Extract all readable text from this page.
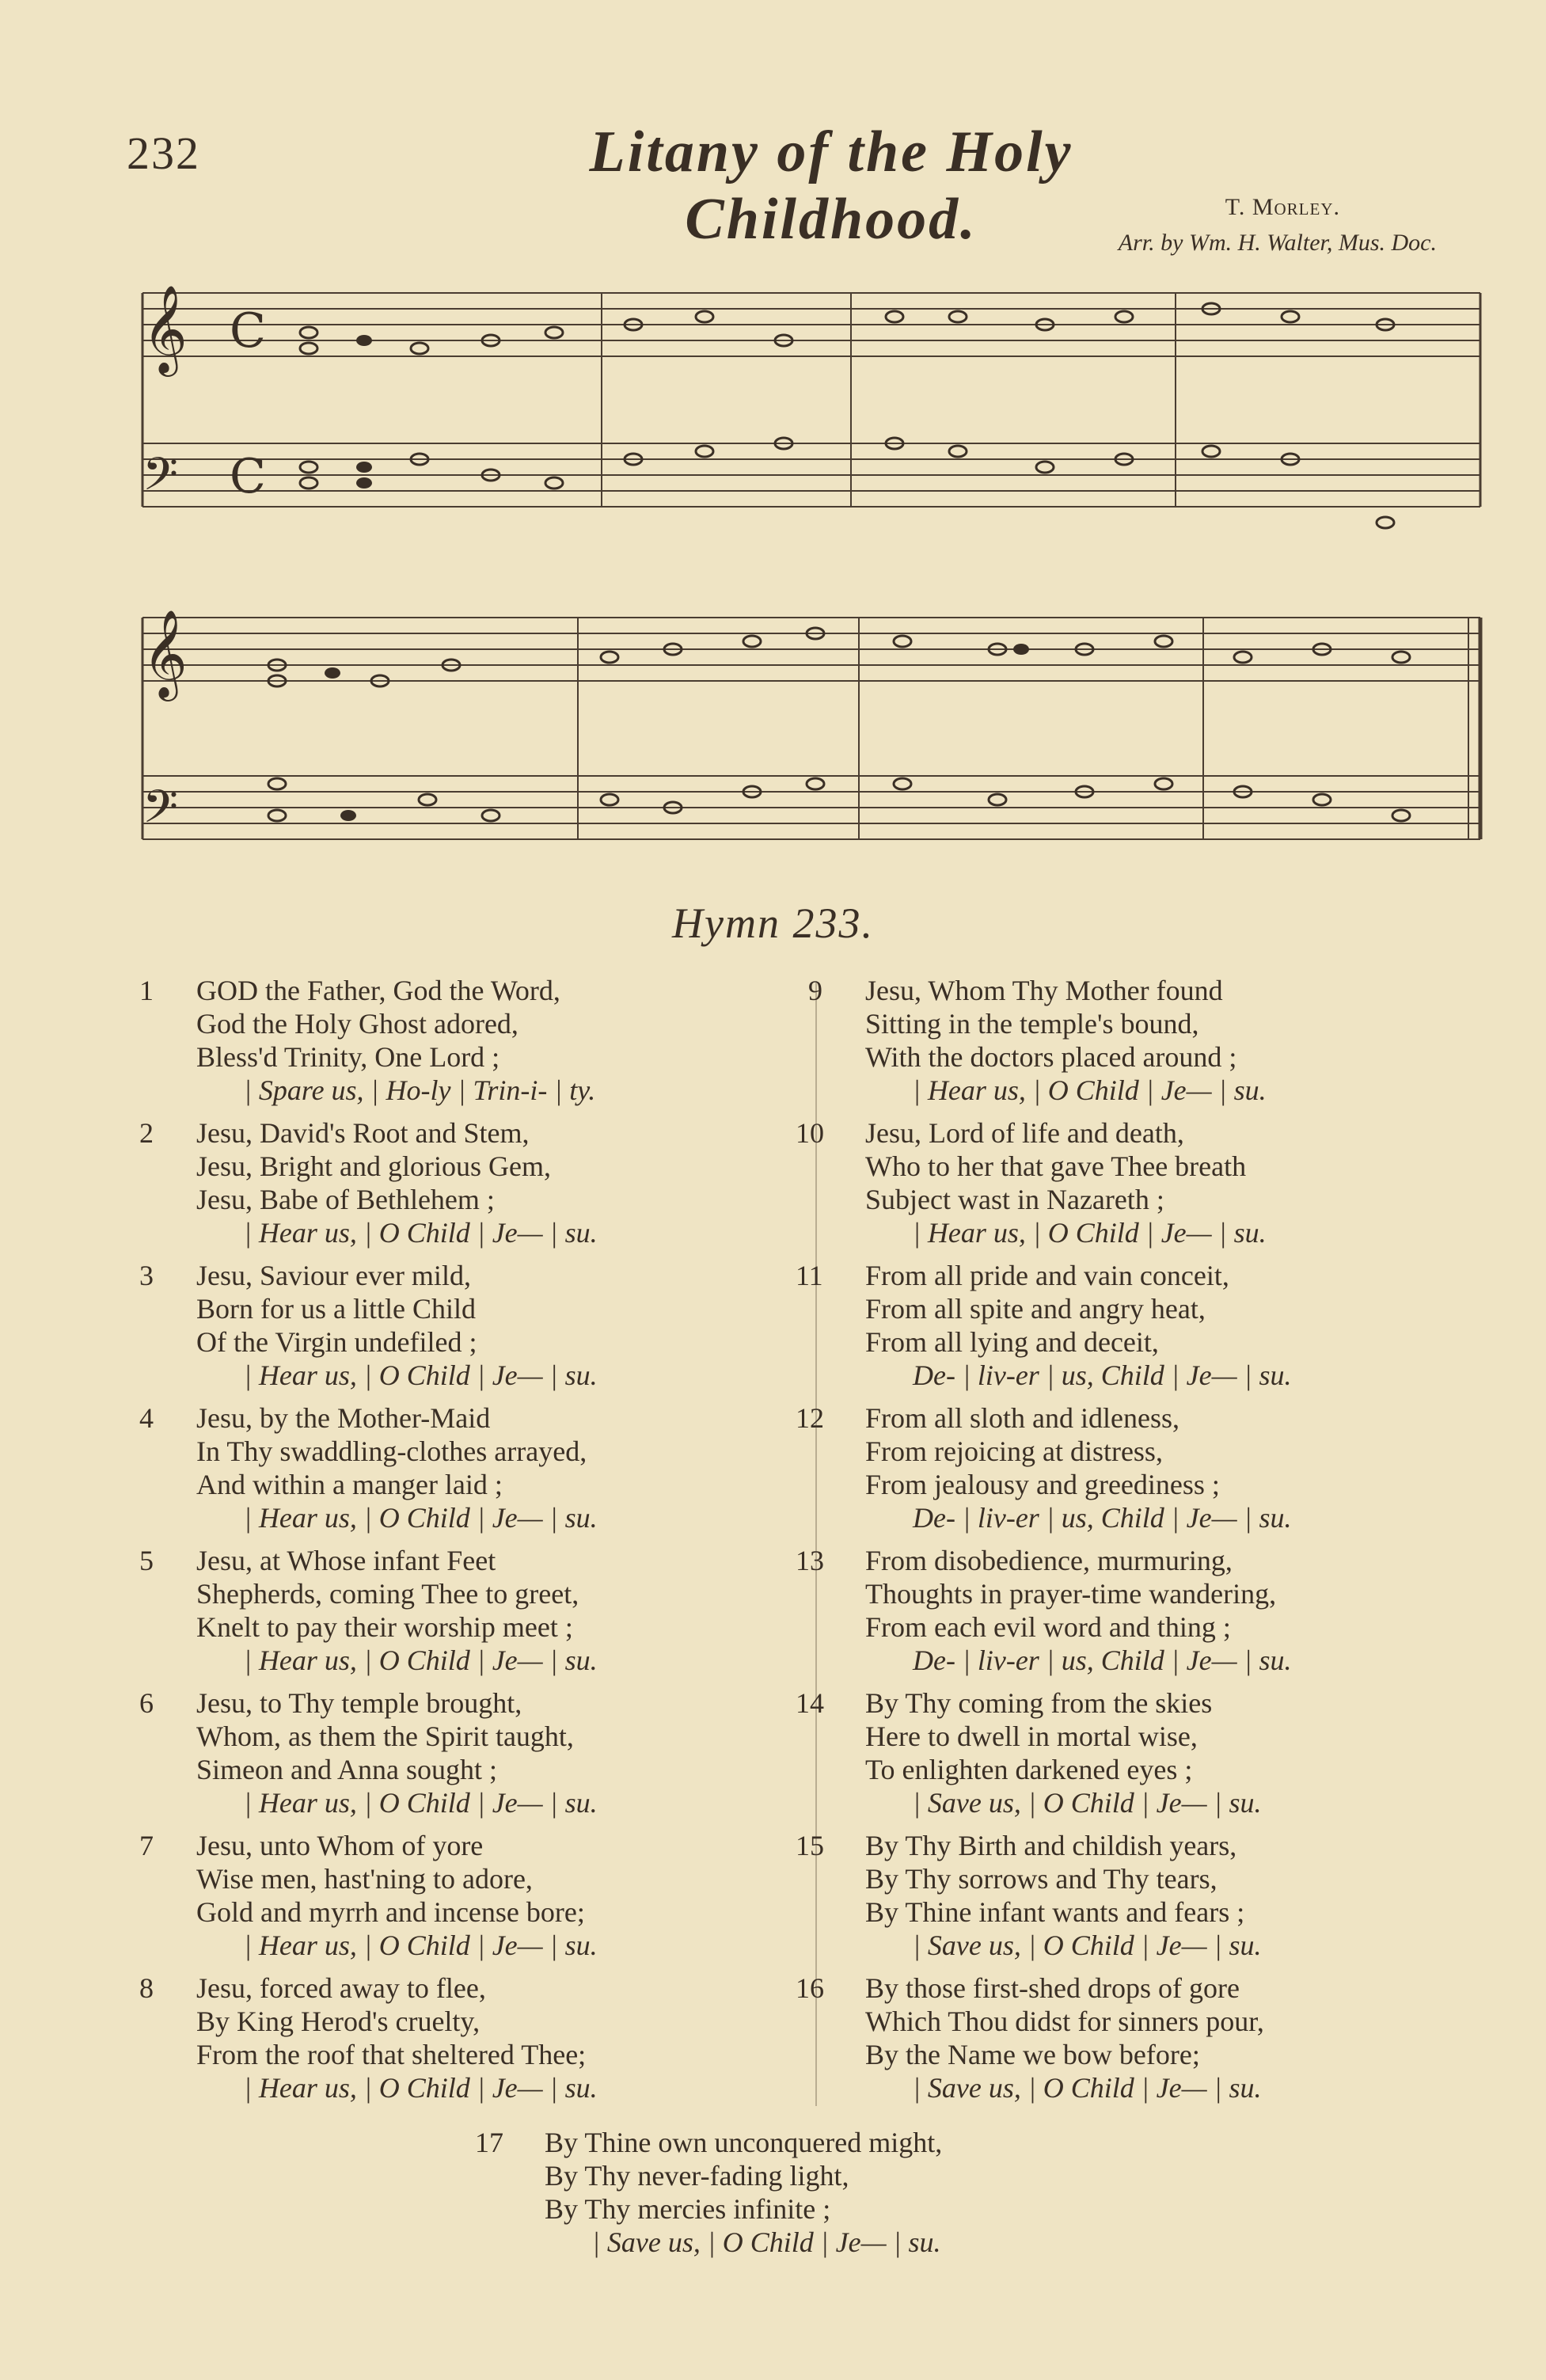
232	Litany of the Holy Childhood.	T. Morley.
Arr. by Wm. H. Walter, Mus. Doc.
𝄞
𝄢
C
C
𝄞
𝄢
Hymn 233.
1	GOD the Father, God the Word,
God the Holy Ghost adored,
Bless'd Trinity, One Lord ;
| Spare us, | Ho-ly | Trin-i- | ty.
2	Jesu, David's Root and Stem,
Jesu, Bright and glorious Gem,
Jesu, Babe of Bethlehem ;
| Hear us, | O Child | Je— | su.
3	Jesu, Saviour ever mild,
Born for us a little Child
Of the Virgin undefiled ;
| Hear us, | O Child | Je— | su.
4	Jesu, by the Mother-Maid
In Thy swaddling-clothes arrayed,
And within a manger laid ;
| Hear us, | O Child | Je— | su.
5	Jesu, at Whose infant Feet
Shepherds, coming Thee to greet,
Knelt to pay their worship meet ;
| Hear us, | O Child | Je— | su.
6	Jesu, to Thy temple brought,
Whom, as them the Spirit taught,
Simeon and Anna sought ;
| Hear us, | O Child | Je— | su.
7	Jesu, unto Whom of yore
Wise men, hast'ning to adore,
Gold and myrrh and incense bore;
| Hear us, | O Child | Je— | su.
8	Jesu, forced away to flee,
By King Herod's cruelty,
From the roof that sheltered Thee;
| Hear us, | O Child | Je— | su.
9	Jesu, Whom Thy Mother found
Sitting in the temple's bound,
With the doctors placed around ;
| Hear us, | O Child | Je— | su.
10	Jesu, Lord of life and death,
Who to her that gave Thee breath
Subject wast in Nazareth ;
| Hear us, | O Child | Je— | su.
11	From all pride and vain conceit,
From all spite and angry heat,
From all lying and deceit,
De- | liv-er | us, Child | Je— | su.
12	From all sloth and idleness,
From rejoicing at distress,
From jealousy and greediness ;
De- | liv-er | us, Child | Je— | su.
13	From disobedience, murmuring,
Thoughts in prayer-time wandering,
From each evil word and thing ;
De- | liv-er | us, Child | Je— | su.
14	By Thy coming from the skies
Here to dwell in mortal wise,
To enlighten darkened eyes ;
| Save us, | O Child | Je— | su.
15	By Thy Birth and childish years,
By Thy sorrows and Thy tears,
By Thine infant wants and fears ;
| Save us, | O Child | Je— | su.
16	By those first-shed drops of gore
Which Thou didst for sinners pour,
By the Name we bow before;
| Save us, | O Child | Je— | su.
17	By Thine own unconquered might,
By Thy never-fading light,
By Thy mercies infinite ;
| Save us, | O Child | Je— | su.
